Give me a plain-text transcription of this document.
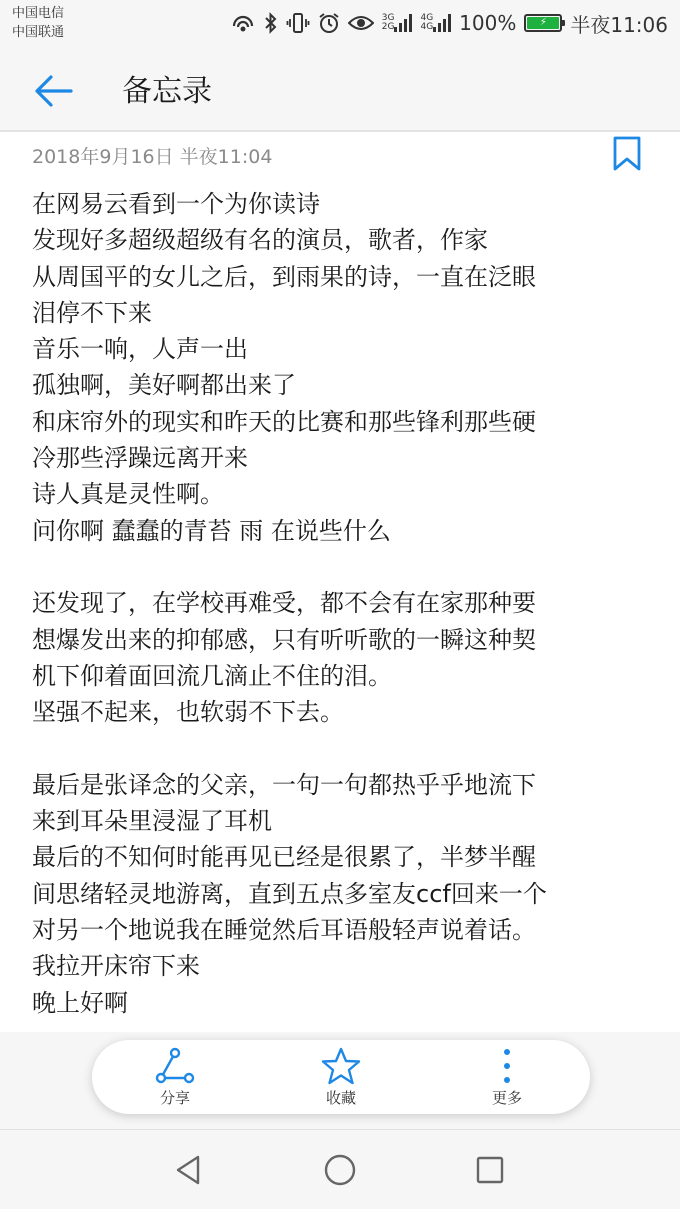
中国电信
中国联通
3G
2G
4G
4G 100%	⚡	半夜11:06
备忘录
2018年9月16日 半夜11:04
在网易云看到一个为你读诗
发现好多超级超级有名的演员，歌者，作家
从周国平的女儿之后，到雨果的诗，一直在泛眼
泪停不下来
音乐一响，人声一出
孤独啊，美好啊都出来了
和床帘外的现实和昨天的比赛和那些锋利那些硬
冷那些浮躁远离开来
诗人真是灵性啊。
问你啊 蠢蠢的青苔 雨 在说些什么
还发现了，在学校再难受，都不会有在家那种要
想爆发出来的抑郁感，只有听听歌的一瞬这种契
机下仰着面回流几滴止不住的泪。
坚强不起来，也软弱不下去。
最后是张译念的父亲，一句一句都热乎乎地流下
来到耳朵里浸湿了耳机
最后的不知何时能再见已经是很累了，半梦半醒
间思绪轻灵地游离，直到五点多室友ccf回来一个
对另一个地说我在睡觉然后耳语般轻声说着话。
我拉开床帘下来
晚上好啊
分享	收藏	更多
